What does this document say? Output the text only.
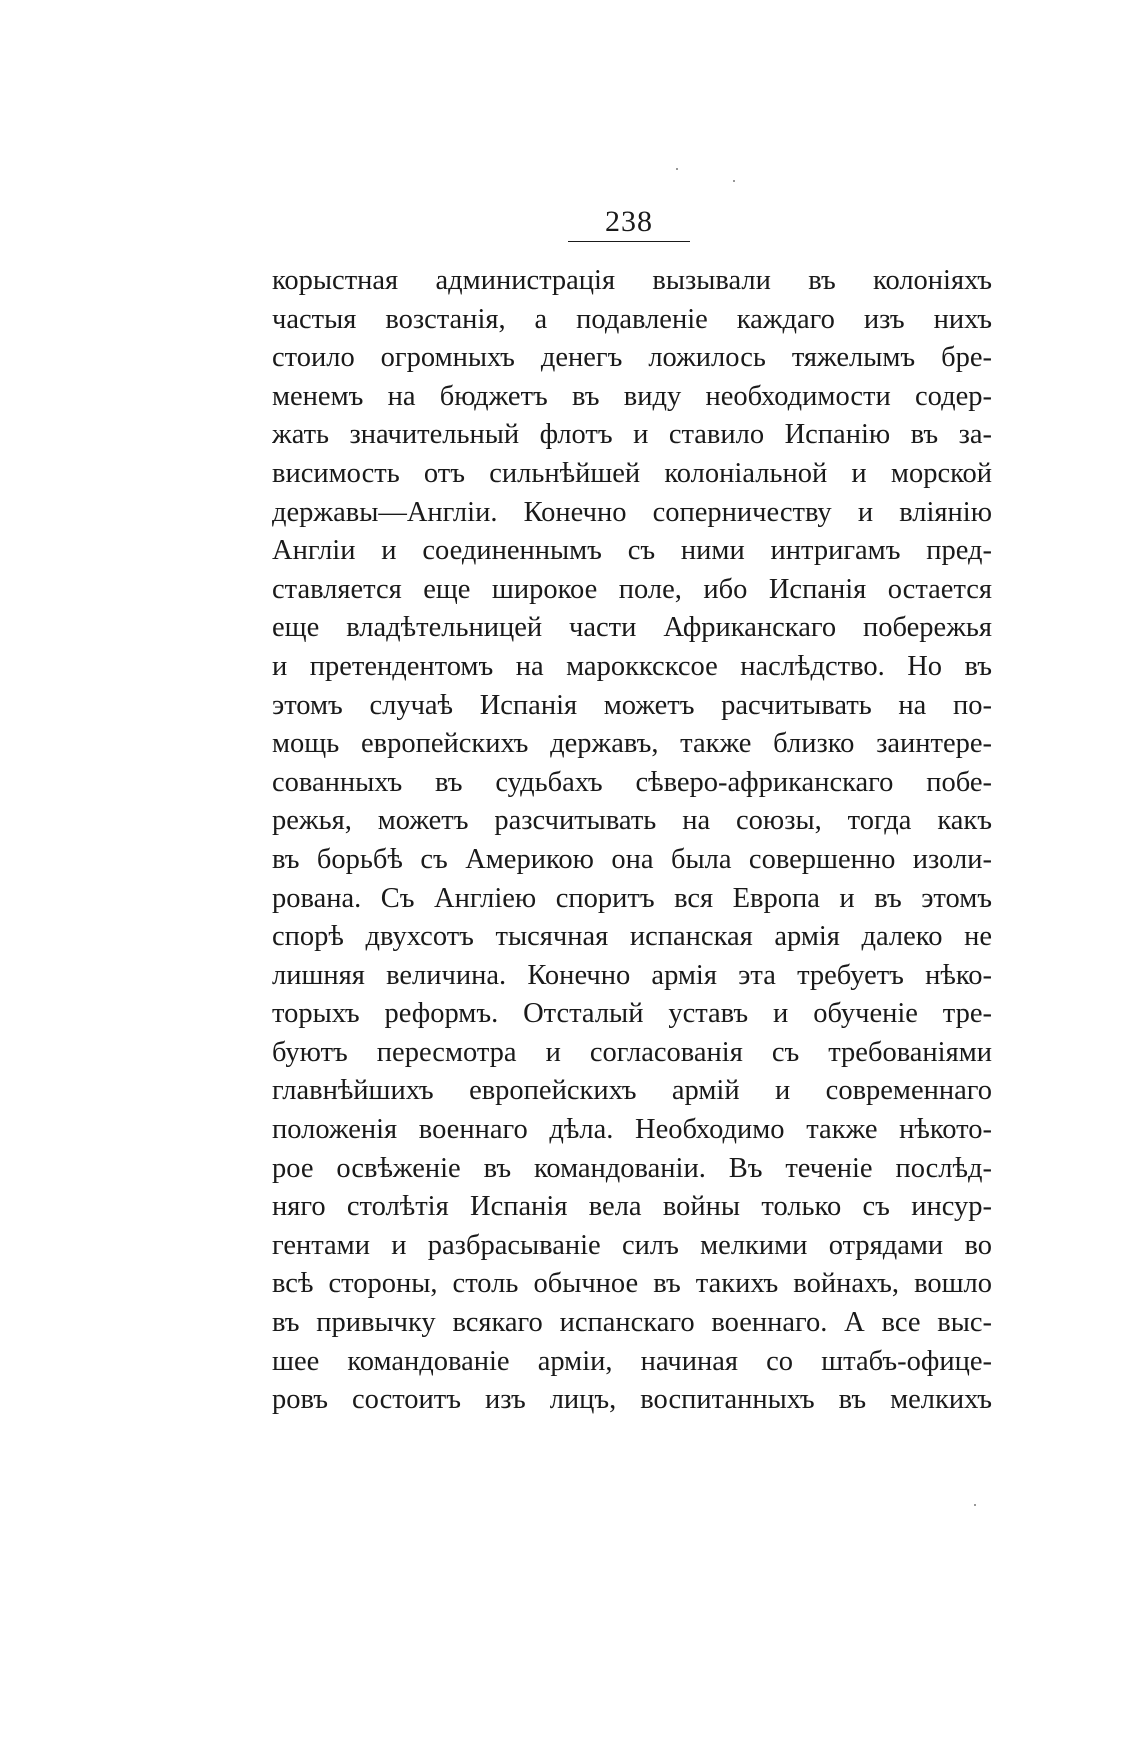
238
корыстная администрацiя вызывали въ колонiяхъ
частыя возстанiя, а подавленiе каждаго изъ нихъ
стоило огромныхъ денегъ ложилось тяжелымъ бре-
менемъ на бюджетъ въ виду необходимости содер-
жать значительный флотъ и ставило Испанiю въ за-
висимость отъ сильнѣйшей колонiальной и морской
державы—Англiи. Конечно соперничеству и влiянiю
Англiи и соединеннымъ съ ними интригамъ пред-
ставляется еще широкое поле, ибо Испанiя остается
еще владѣтельницей части Африканскаго побережья
и претендентомъ на марокксксое наслѣдство. Но въ
этомъ случаѣ Испанiя можетъ расчитывать на по-
мощь европейскихъ державъ, также близко заинтере-
сованныхъ въ судьбахъ сѣверо-африканскаго побе-
режья, можетъ разсчитывать на союзы, тогда какъ
въ борьбѣ съ Америкою она была совершенно изоли-
рована. Съ Англiею споритъ вся Европа и въ этомъ
спорѣ двухсотъ тысячная испанская армiя далеко не
лишняя величина. Конечно армiя эта требуетъ нѣко-
торыхъ реформъ. Отсталый уставъ и обученiе тре-
буютъ пересмотра и согласованiя съ требованiями
главнѣйшихъ европейскихъ армiй и современнаго
положенiя военнаго дѣла. Необходимо также нѣкото-
рое освѣженiе въ командованiи. Въ теченiе послѣд-
няго столѣтiя Испанiя вела войны только съ инсур-
гентами и разбрасыванiе силъ мелкими отрядами во
всѣ стороны, столь обычное въ такихъ войнахъ, вошло
въ привычку всякаго испанскаго военнаго. А все выс-
шее командованiе армiи, начиная со штабъ-офице-
ровъ состоитъ изъ лицъ, воспитанныхъ въ мелкихъ
